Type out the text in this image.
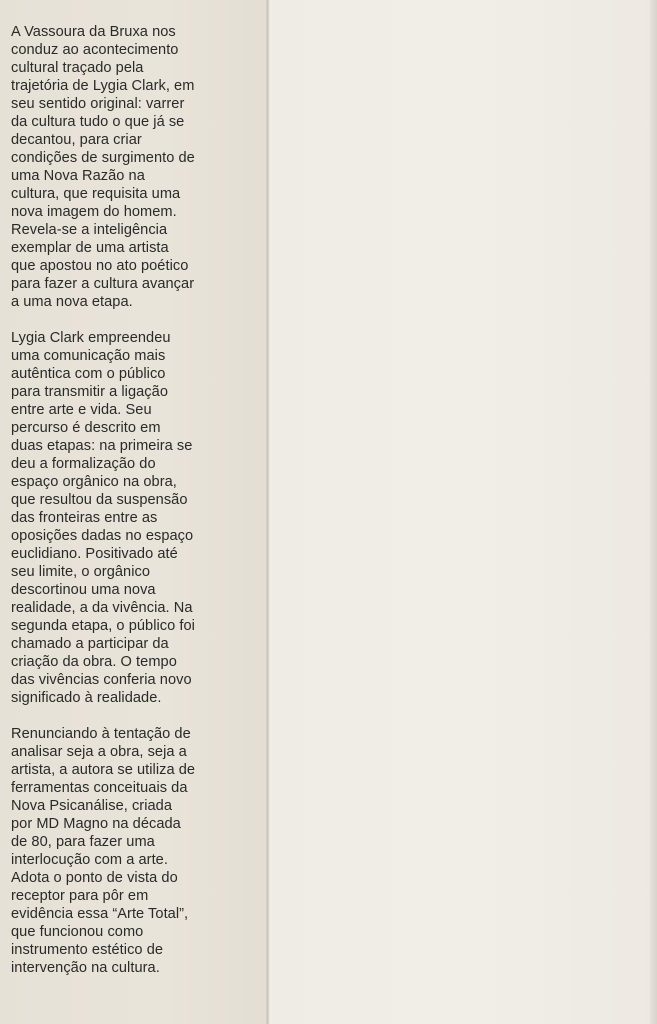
A Vassoura da Bruxa nos
conduz ao acontecimento
cultural traçado pela
trajetória de Lygia Clark, em
seu sentido original: varrer
da cultura tudo o que já se
decantou, para criar
condições de surgimento de
uma Nova Razão na
cultura, que requisita uma
nova imagem do homem.
Revela-se a inteligência
exemplar de uma artista
que apostou no ato poético
para fazer a cultura avançar
a uma nova etapa.

Lygia Clark empreendeu
uma comunicação mais
autêntica com o público
para transmitir a ligação
entre arte e vida. Seu
percurso é descrito em
duas etapas: na primeira se
deu a formalização do
espaço orgânico na obra,
que resultou da suspensão
das fronteiras entre as
oposições dadas no espaço
euclidiano. Positivado até
seu limite, o orgânico
descortinou uma nova
realidade, a da vivência. Na
segunda etapa, o público foi
chamado a participar da
criação da obra. O tempo
das vivências conferia novo
significado à realidade.

Renunciando à tentação de
analisar seja a obra, seja a
artista, a autora se utiliza de
ferramentas conceituais da
Nova Psicanálise, criada
por MD Magno na década
de 80, para fazer uma
interlocução com a arte.
Adota o ponto de vista do
receptor para pôr em
evidência essa “Arte Total”,
que funcionou como
instrumento estético de
intervenção na cultura.
